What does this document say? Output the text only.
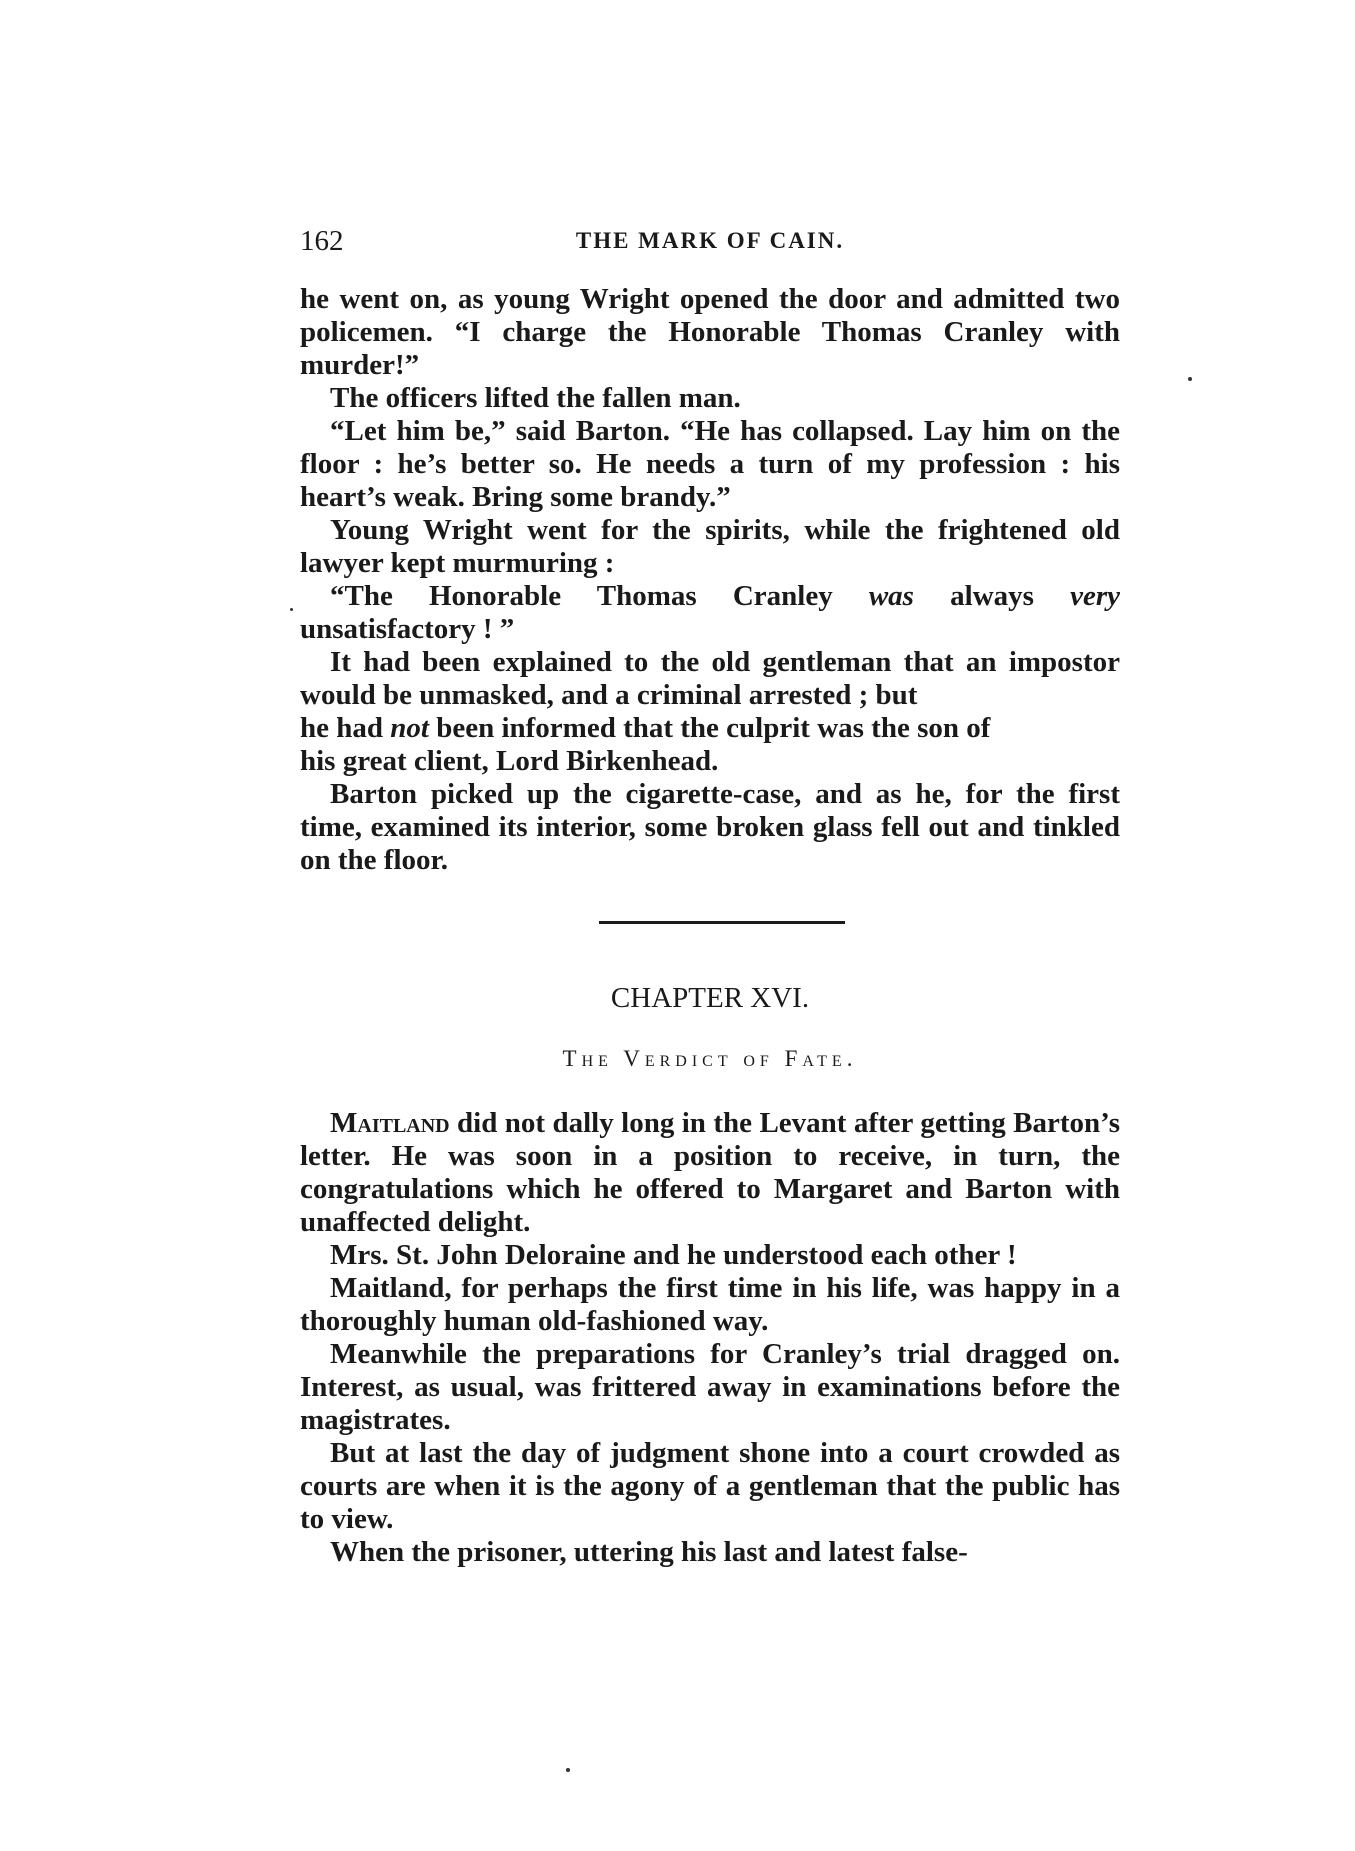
162	THE MARK OF CAIN.

he went on, as young Wright opened the door and admitted two policemen. “I charge the Honorable Thomas Cranley with murder!”

The officers lifted the fallen man.

“Let him be,” said Barton. “He has collapsed. Lay him on the floor : he’s better so. He needs a turn of my profession : his heart’s weak. Bring some brandy.”

Young Wright went for the spirits, while the frightened old lawyer kept murmuring :

“The Honorable Thomas Cranley was always very unsatisfactory ! ”

It had been explained to the old gentleman that an impostor would be unmasked, and a criminal arrested ; but

he had not been informed that the culprit was the son of

his great client, Lord Birkenhead.

Barton picked up the cigarette-case, and as he, for the first time, examined its interior, some broken glass fell out and tinkled on the floor.

CHAPTER XVI.
The Verdict of Fate.

Maitland did not dally long in the Levant after getting Barton’s letter. He was soon in a position to receive, in turn, the congratulations which he offered to Margaret and Barton with unaffected delight.

Mrs. St. John Deloraine and he understood each other !

Maitland, for perhaps the first time in his life, was happy in a thoroughly human old-fashioned way.

Meanwhile the preparations for Cranley’s trial dragged on. Interest, as usual, was frittered away in examinations before the magistrates.

But at last the day of judgment shone into a court crowded as courts are when it is the agony of a gentleman that the public has to view.

When the prisoner, uttering his last and latest false-
